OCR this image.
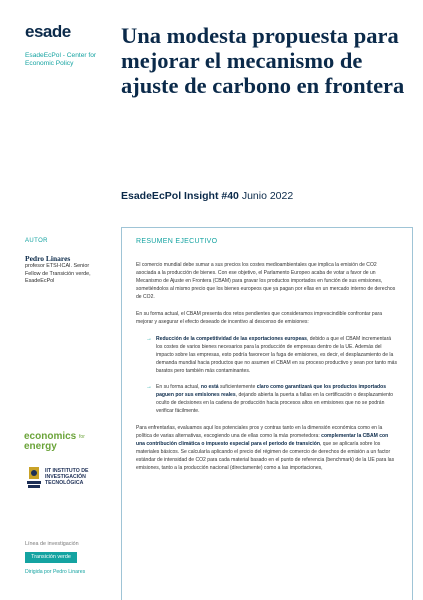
esade
EsadeEcPol - Center for Economic Policy
AUTOR
Pedro Linares
profesor ETSI-ICAI. Senior Fellow de Transición verde, EsadeEcPol
economics $^{for}$
energy
IIT INSTITUTO DE INVESTIGACIÓN TECNOLÓGICA
Línea de investigación
Transición verde
Dirigida por Pedro Linares
Una modesta propuesta para mejorar el mecanismo de ajuste de carbono en frontera
EsadeEcPol Insight #40 Junio 2022
RESUMEN EJECUTIVO

El comercio mundial debe sumar a sus precios los costes medioambientales que implica la emisión de CO2 asociada a la producción de bienes. Con ese objetivo, el Parlamento Europeo acaba de votar a favor de un Mecanismo de Ajuste en Frontera (CBAM) para gravar los productos importados en función de sus emisiones, sometiéndolos al mismo precio que los bienes europeos que ya pagan por ellas en un mercado interno de derechos de CO2.

En su forma actual, el CBAM presenta dos retos pendientes que consideramos imprescindible confrontar para mejorar y asegurar el efecto deseado de incentivo al descenso de emisiones:

→ Reducción de la competitividad de las exportaciones europeas, debido a que el CBAM incrementará los costes de varios bienes necesarios para la producción de empresas dentro de la UE. Además del impacto sobre las empresas, esto podría favorecer la fuga de emisiones, es decir, el desplazamiento de la demanda mundial hacia productos que no asumen el CBAM en su proceso productivo y sean por tanto más baratos pero también más contaminantes.
→ En su forma actual, no está suficientemente claro como garantizará que los productos importados paguen por sus emisiones reales, dejando abierta la puerta a fallas en la certificación o desplazamiento oculto de decisiones en la cadena de producción hacia procesos altos en emisiones que no se podrán verificar fácilmente.

Para enfrentarlas, evaluamos aquí los potenciales pros y contras tanto en la dimensión económica como en la política de varias alternativas, escogiendo una de ellas como la más prometedora: complementar la CBAM con una contribución climática o impuesto especial para el periodo de transición, que se aplicaría sobre los materiales básicos. Se calcularía aplicando el precio del régimen de comercio de derechos de emisión a un factor estándar de intensidad de CO2 para cada material basado en el punto de referencia (benchmark) de la UE para las emisiones, tanto a la producción nacional (directamente) como a las importaciones,
